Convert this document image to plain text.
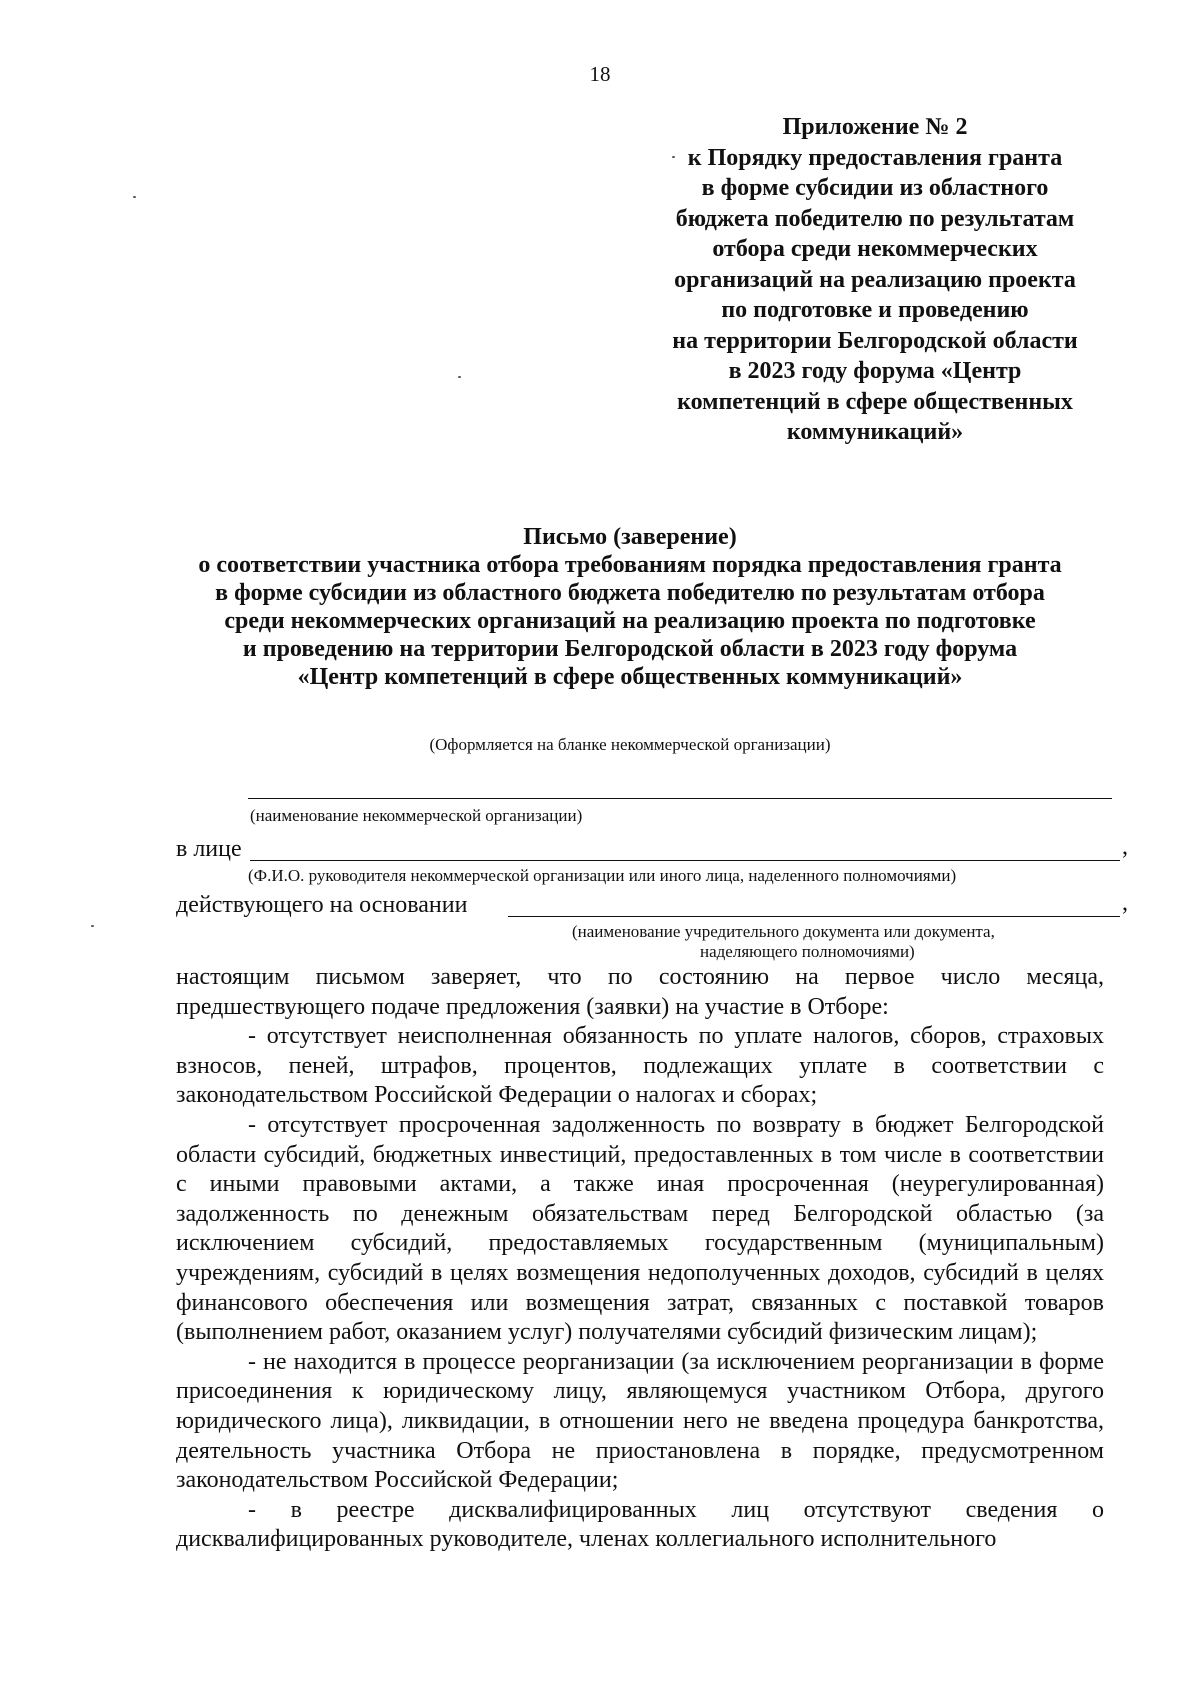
18
Приложение № 2
к Порядку предоставления гранта
в форме субсидии из областного
бюджета победителю по результатам
отбора среди некоммерческих
организаций на реализацию проекта
по подготовке и проведению
на территории Белгородской области
в 2023 году форума «Центр
компетенций в сфере общественных
коммуникаций»
Письмо (заверение)
о соответствии участника отбора требованиям порядка предоставления гранта
в форме субсидии из областного бюджета победителю по результатам отбора
среди некоммерческих организаций на реализацию проекта по подготовке
и проведению на территории Белгородской области в 2023 году форума
«Центр компетенций в сфере общественных коммуникаций»
(Оформляется на бланке некоммерческой организации)
(наименование некоммерческой организации)
в лице	,
(Ф.И.О. руководителя некоммерческой организации или иного лица, наделенного полномочиями)
действующего на основании	,
(наименование учредительного документа или документа,
наделяющего полномочиями)

настоящим письмом заверяет, что по состоянию на первое число месяца, предшествующего подаче предложения (заявки) на участие в Отборе:

- отсутствует неисполненная обязанность по уплате налогов, сборов, страховых взносов, пеней, штрафов, процентов, подлежащих уплате в соответствии с законодательством Российской Федерации о налогах и сборах;

- отсутствует просроченная задолженность по возврату в бюджет Белгородской области субсидий, бюджетных инвестиций, предоставленных в том числе в соответствии с иными правовыми актами, а также иная просроченная (неурегулированная) задолженность по денежным обязательствам перед Белгородской областью (за исключением субсидий, предоставляемых государственным (муниципальным) учреждениям, субсидий в целях возмещения недополученных доходов, субсидий в целях финансового обеспечения или возмещения затрат, связанных с поставкой товаров (выполнением работ, оказанием услуг) получателями субсидий физическим лицам);

- не находится в процессе реорганизации (за исключением реорганизации в форме присоединения к юридическому лицу, являющемуся участником Отбора, другого юридического лица), ликвидации, в отношении него не введена процедура банкротства, деятельность участника Отбора не приостановлена в порядке, предусмотренном законодательством Российской Федерации;

- в реестре дисквалифицированных лиц отсутствуют сведения о дисквалифицированных руководителе, членах коллегиального исполнительного
